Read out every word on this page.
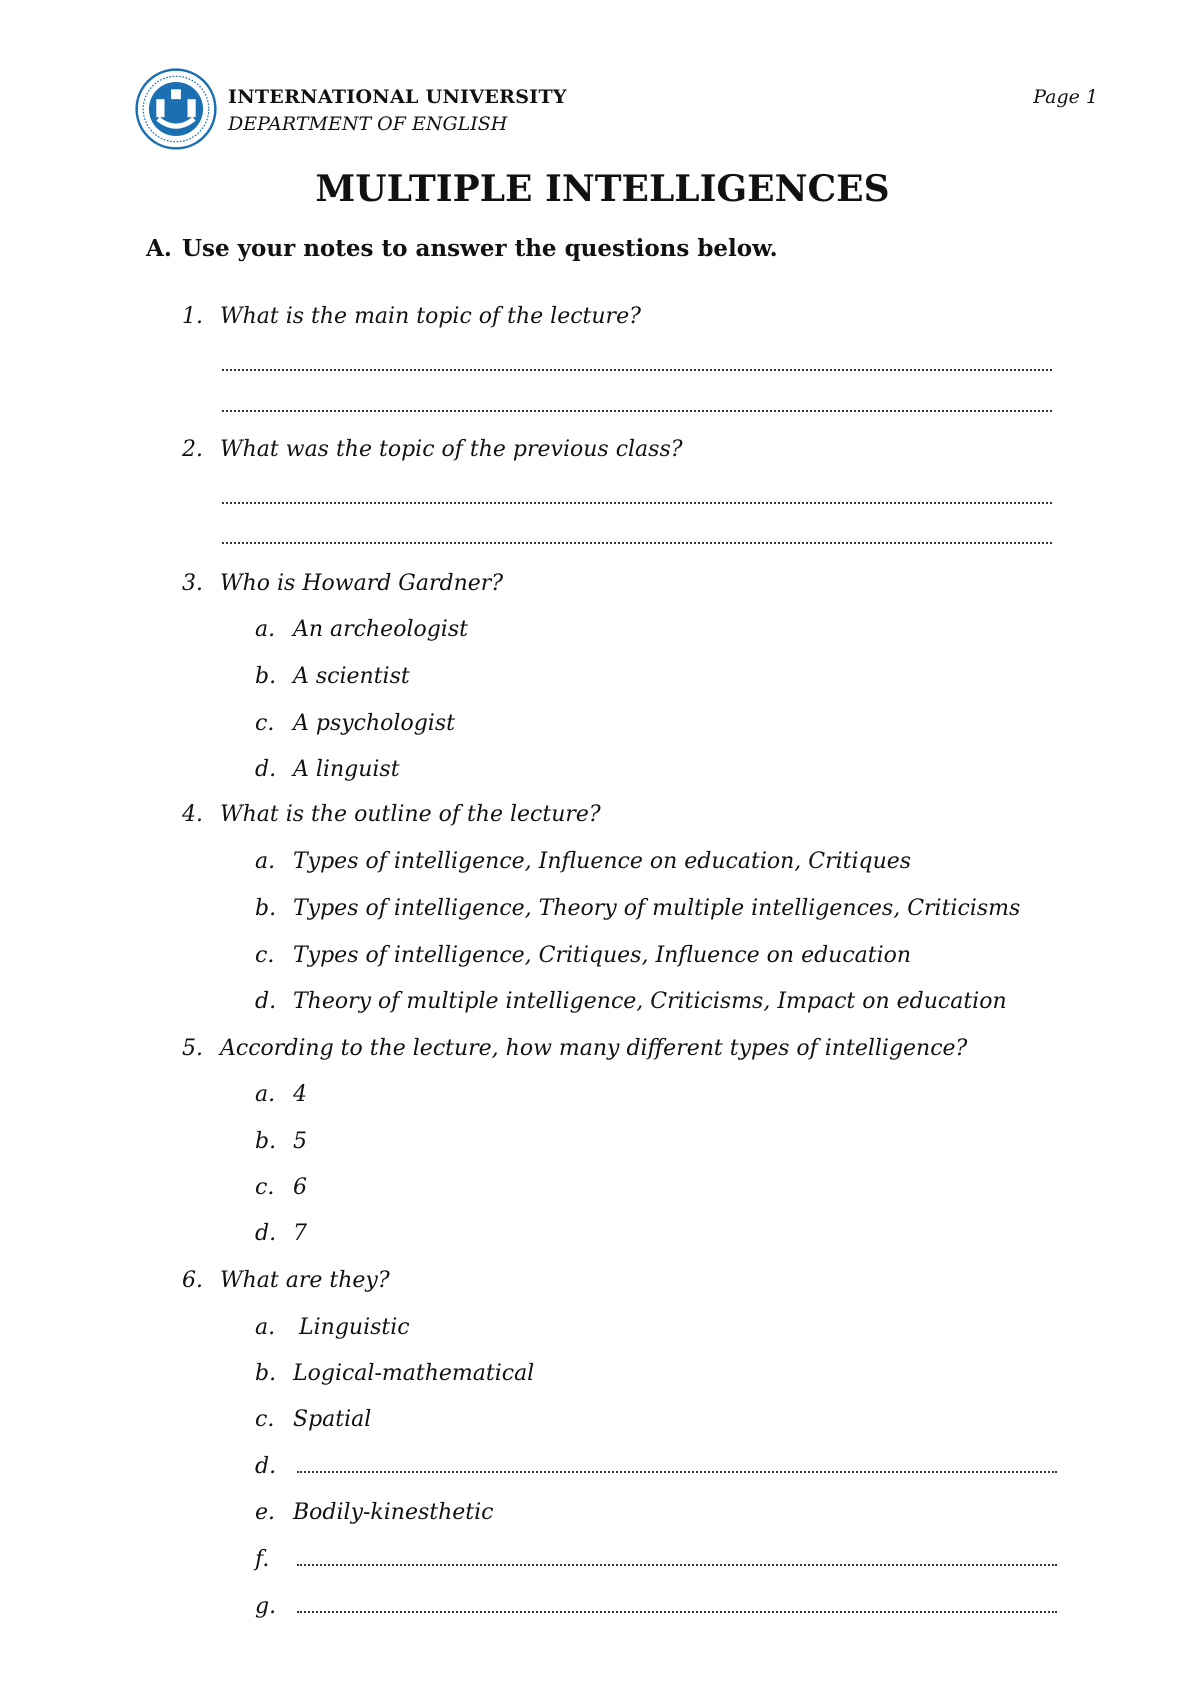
INTERNATIONAL UNIVERSITY
DEPARTMENT OF ENGLISH
Page 1
MULTIPLE INTELLIGENCES
A. Use your notes to answer the questions below.
1. What is the main topic of the lecture?
2. What was the topic of the previous class?
3. Who is Howard Gardner?
a. An archeologist
b. A scientist
c. A psychologist
d. A linguist
4. What is the outline of the lecture?
a. Types of intelligence, Influence on education, Critiques
b. Types of intelligence, Theory of multiple intelligences, Criticisms
c. Types of intelligence, Critiques, Influence on education
d. Theory of multiple intelligence, Criticisms, Impact on education
5. According to the lecture, how many different types of intelligence?
a. 4
b. 5
c. 6
d. 7
6. What are they?
a. Linguistic
b. Logical-mathematical
c. Spatial
d.
e. Bodily-kinesthetic
f.
g.
